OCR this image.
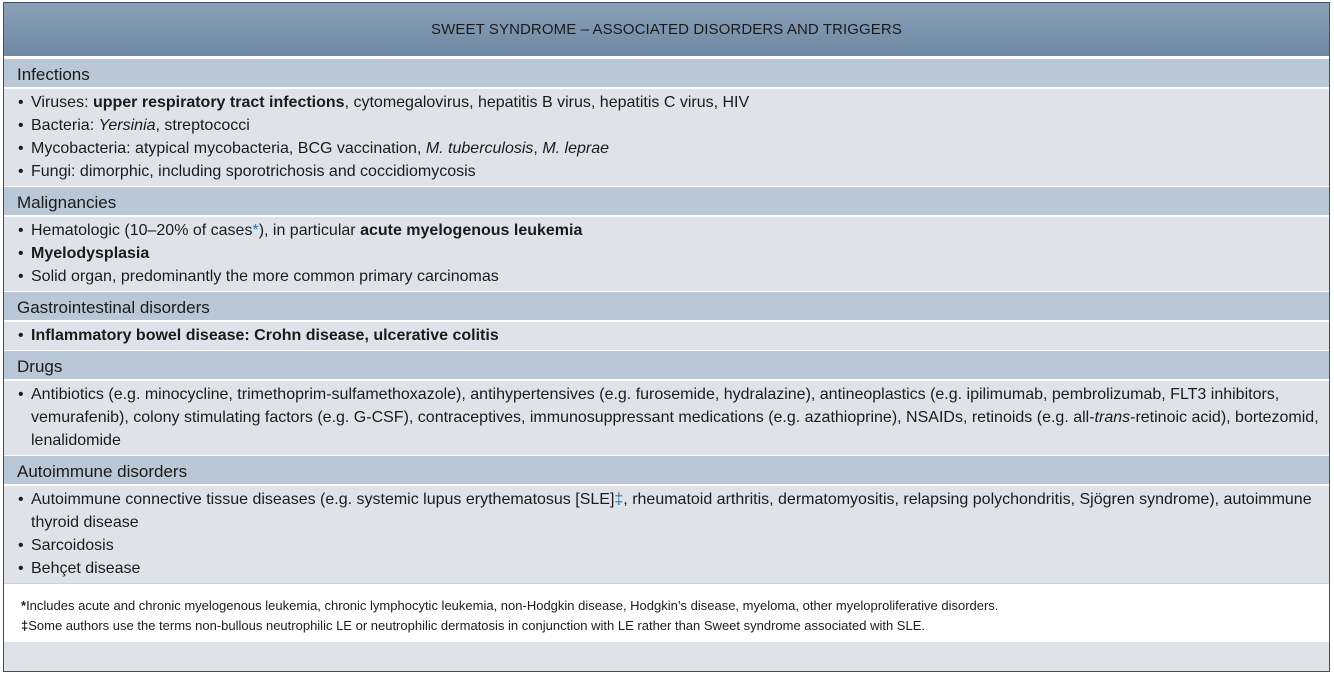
SWEET SYNDROME – ASSOCIATED DISORDERS AND TRIGGERS
Infections
• Viruses: upper respiratory tract infections, cytomegalovirus, hepatitis B virus, hepatitis C virus, HIV
• Bacteria: Yersinia, streptococci
• Mycobacteria: atypical mycobacteria, BCG vaccination, M. tuberculosis, M. leprae
• Fungi: dimorphic, including sporotrichosis and coccidiomycosis
Malignancies
• Hematologic (10–20% of cases*), in particular acute myelogenous leukemia
• Myelodysplasia
• Solid organ, predominantly the more common primary carcinomas
Gastrointestinal disorders
• Inflammatory bowel disease: Crohn disease, ulcerative colitis
Drugs
• Antibiotics (e.g. minocycline, trimethoprim-sulfamethoxazole), antihypertensives (e.g. furosemide, hydralazine), antineoplastics (e.g. ipilimumab, pembrolizumab, FLT3 inhibitors, vemurafenib), colony stimulating factors (e.g. G-CSF), contraceptives, immunosuppressant medications (e.g. azathioprine), NSAIDs, retinoids (e.g. all-trans-retinoic acid), bortezomid, lenalidomide
Autoimmune disorders
• Autoimmune connective tissue diseases (e.g. systemic lupus erythematosus [SLE]‡, rheumatoid arthritis, dermatomyositis, relapsing polychondritis, Sjögren syndrome), autoimmune thyroid disease
• Sarcoidosis
• Behçet disease
*Includes acute and chronic myelogenous leukemia, chronic lymphocytic leukemia, non-Hodgkin disease, Hodgkin’s disease, myeloma, other myeloproliferative disorders.
‡Some authors use the terms non-bullous neutrophilic LE or neutrophilic dermatosis in conjunction with LE rather than Sweet syndrome associated with SLE.
